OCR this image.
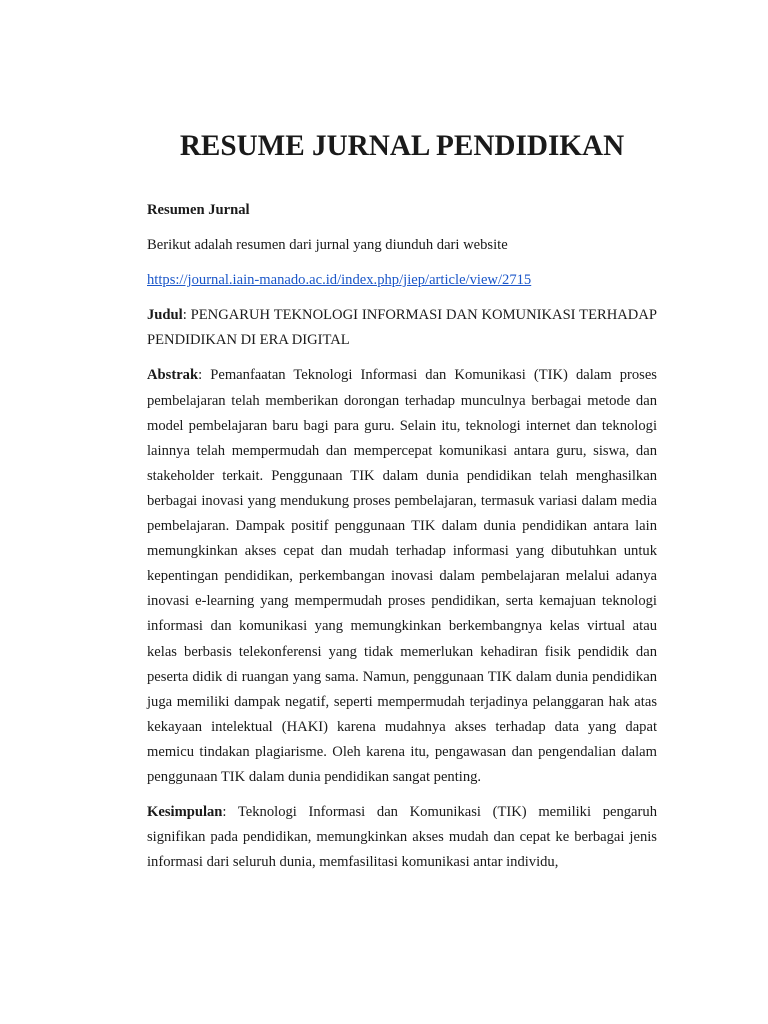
RESUME JURNAL PENDIDIKAN

Resumen Jurnal

Berikut adalah resumen dari jurnal yang diunduh dari website

https://journal.iain-manado.ac.id/index.php/jiep/article/view/2715

Judul: PENGARUH TEKNOLOGI INFORMASI DAN KOMUNIKASI TERHADAP PENDIDIKAN DI ERA DIGITAL

Abstrak: Pemanfaatan Teknologi Informasi dan Komunikasi (TIK) dalam proses pembelajaran telah memberikan dorongan terhadap munculnya berbagai metode dan model pembelajaran baru bagi para guru. Selain itu, teknologi internet dan teknologi lainnya telah mempermudah dan mempercepat komunikasi antara guru, siswa, dan stakeholder terkait. Penggunaan TIK dalam dunia pendidikan telah menghasilkan berbagai inovasi yang mendukung proses pembelajaran, termasuk variasi dalam media pembelajaran. Dampak positif penggunaan TIK dalam dunia pendidikan antara lain memungkinkan akses cepat dan mudah terhadap informasi yang dibutuhkan untuk kepentingan pendidikan, perkembangan inovasi dalam pembelajaran melalui adanya inovasi e-learning yang mempermudah proses pendidikan, serta kemajuan teknologi informasi dan komunikasi yang memungkinkan berkembangnya kelas virtual atau kelas berbasis telekonferensi yang tidak memerlukan kehadiran fisik pendidik dan peserta didik di ruangan yang sama. Namun, penggunaan TIK dalam dunia pendidikan juga memiliki dampak negatif, seperti mempermudah terjadinya pelanggaran hak atas kekayaan intelektual (HAKI) karena mudahnya akses terhadap data yang dapat memicu tindakan plagiarisme. Oleh karena itu, pengawasan dan pengendalian dalam penggunaan TIK dalam dunia pendidikan sangat penting.

Kesimpulan: Teknologi Informasi dan Komunikasi (TIK) memiliki pengaruh signifikan pada pendidikan, memungkinkan akses mudah dan cepat ke berbagai jenis informasi dari seluruh dunia, memfasilitasi komunikasi antar individu,
